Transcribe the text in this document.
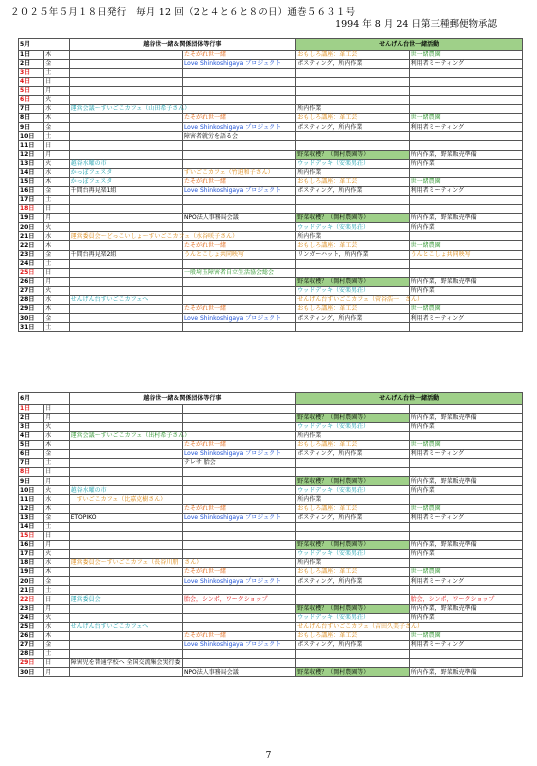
２０２５年５月１８日発行　毎月 12 回（2と４と６と８の日）通巻５６３１号
1994 年 8 月 24 日第三種郵便物承認
5月		越谷世一緒＆関係団体等行事		せんげん台世一緒活動	
1日	木		たそがれ世一緒	おもしろ講座：革工芸	世一緒農園
2日	金		Love Shinkoshigaya プロジェクト	ポスティング，所内作業	利用者ミーティング
3日	土				
4日	日				
5日	月				
6日	火				
7日	水	運営会議～すいごこカフェ（山田希子さん）		所内作業	
8日	木		たそがれ世一緒	おもしろ講座：革工芸	世一緒農園
9日	金		Love Shinkoshigaya プロジェクト	ポスティング，所内作業	利用者ミーティング
10日	土		障害者就労を語る会		
11日	日				
12日	月			野菜収穫？（岡村農園等）	所内作業，野菜販売準備
13日	火	越谷水曜の市		ウッドデッキ（安楽男荘）	所内作業
14日	水	かっぽフェスタ	すいごこカフェ（竹迫和子さん）	所内作業	
15日	木	かっぽフェスタ	たそがれ世一緒	おもしろ講座：革工芸	世一緒農園
16日	金	千間台再見楽1組	Love Shinkoshigaya プロジェクト	ポスティング，所内作業	利用者ミーティング
17日	土				
18日	日				
19日	月		NPO法人事務局会議	野菜収穫？（岡村農園等）	所内作業，野菜販売準備
20日	火			ウッドデッキ（安楽男荘）	所内作業
21日	水	運営委員会～どっこいしょ～すいごこカフェ（水谷咲子さん）		所内作業	
22日	木		たそがれ世一緒	おもしろ講座：革工芸	世一緒農園
23日	金	千間台再見楽2組	うんとこしょ共同映写	リンガーハット，所内作業	うんとこしょ共同映写
24日	土				
25日	日		一般埼玉障害者自立生活協会総会		
26日	月			野菜収穫？（岡村農園等）	所内作業，野菜販売準備
27日	火			ウッドデッキ（安楽男荘）	所内作業
28日	水	せんげん台すいごこカフェへ		せんげん台すいごこカフェ（菅谷浩一　さん）	
29日	木		たそがれ世一緒	おもしろ講座：革工芸	世一緒農園
30日	金		Love Shinkoshigaya プロジェクト	ポスティング，所内作業	利用者ミーティング
31日	土				
6月		越谷世一緒＆関係団体等行事		せんげん台世一緒活動	
1日	日				
2日	月			野菜収穫？（岡村農園等）	所内作業，野菜販売準備
3日	火			ウッドデッキ（安楽男荘）	所内作業
4日	水	運営会議～すいごこカフェ（出村希子さん）		所内作業	
5日	木		たそがれ世一緒	おもしろ講座：革工芸	世一緒農園
6日	金		Love Shinkoshigaya プロジェクト	ポスティング，所内作業	利用者ミーティング
7日	土		テレサ 胎会		
8日	日				
9日	月			野菜収穫？（岡村農園等）	所内作業，野菜販売準備
10日	火	越谷水曜の市		ウッドデッキ（安楽男荘）	所内作業
11日	水	　すいごこカフェ（比嘉克樹さん）		所内作業	
12日	木		たそがれ世一緒	おもしろ講座：革工芸	世一緒農園
13日	金	ETOPIKO	Love Shinkoshigaya プロジェクト	ポスティング，所内作業	利用者ミーティング
14日	土				
15日	日				
16日	月			野菜収穫？（岡村農園等）	所内作業，野菜販売準備
17日	火			ウッドデッキ（安楽男荘）	所内作業
18日	水	運営委員会～すいごこカフェ（長谷川朋　さん）		所内作業	
19日	木		たそがれ世一緒	おもしろ講座：革工芸	世一緒農園
20日	金		Love Shinkoshigaya プロジェクト	ポスティング，所内作業	利用者ミーティング
21日	土				
22日	日	運営委員会	胎会，シンポ，ワークショップ		胎会，シンポ，ワークショップ
23日	月			野菜収穫？（岡村農園等）	所内作業，野菜販売準備
24日	火			ウッドデッキ（安楽男荘）	所内作業
25日	水	せんげん台すいごこカフェへ		せんげん台すいごこカフェ（吉田久美子さん）	
26日	木		たそがれ世一緒	おもしろ講座：革工芸	世一緒農園
27日	金		Love Shinkoshigaya プロジェクト	ポスティング，所内作業	利用者ミーティング
28日	土				
29日	日	障害児を普通学校へ 全国交流集会実行委			
30日	月		NPO法人事務局会議	野菜収穫？（岡村農園等）	所内作業，野菜販売準備
7
